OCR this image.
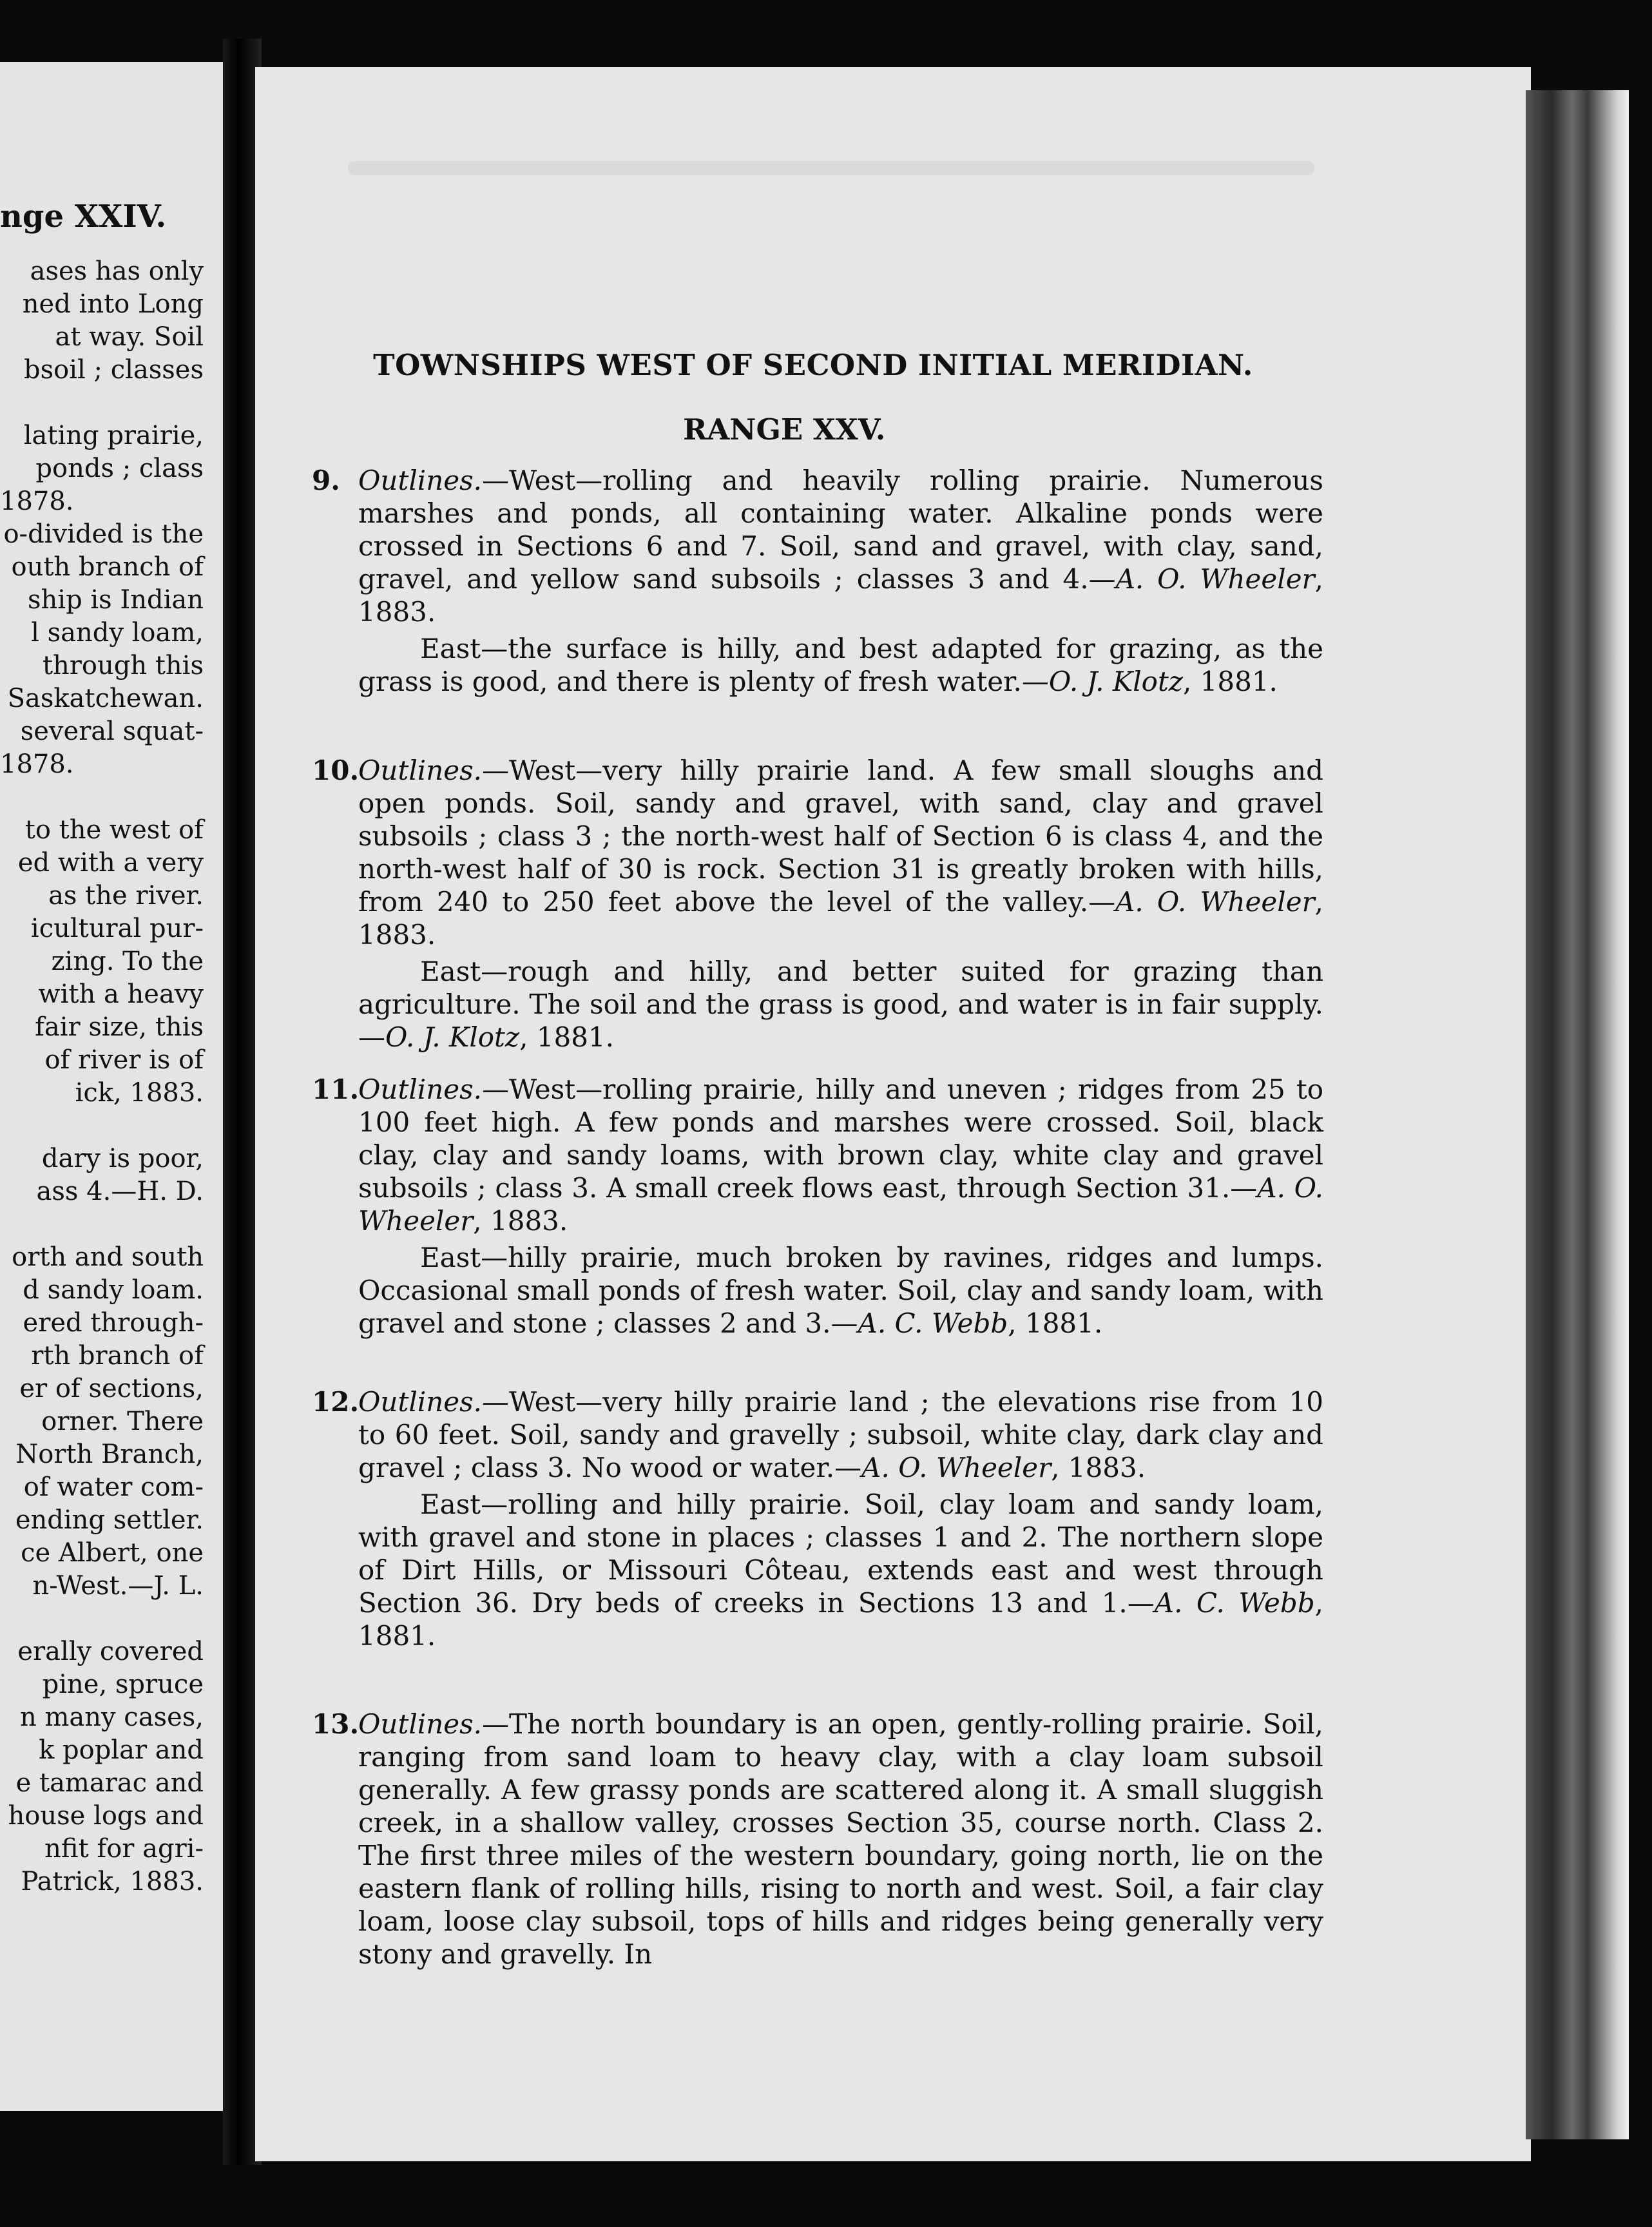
nge XXIV.
ases has only
ned into Long
at way. Soil
bsoil ; classes
lating prairie,
ponds ; class
1878.
o-divided is the
outh branch of
ship is Indian
l sandy loam,
through this
Saskatchewan.
several squat-
1878.
to the west of
ed with a very
as the river.
icultural pur-
zing. To the
with a heavy
fair size, this
of river is of
ick, 1883.
dary is poor,
ass 4.—H. D.
orth and south
d sandy loam.
ered through-
rth branch of
er of sections,
orner. There
North Branch,
of water com-
ending settler.
ce Albert, one
n-West.—J. L.
erally covered
pine, spruce
n many cases,
k poplar and
e tamarac and
house logs and
nfit for agri-
Patrick, 1883.
TOWNSHIPS WEST OF SECOND INITIAL MERIDIAN.
RANGE XXV.
9. Outlines.—West—rolling and heavily rolling prairie. Numerous marshes and ponds, all containing water. Alkaline ponds were crossed in Sections 6 and 7. Soil, sand and gravel, with clay, sand, gravel, and yellow sand subsoils ; classes 3 and 4.—A. O. Wheeler, 1883.
East—the surface is hilly, and best adapted for grazing, as the grass is good, and there is plenty of fresh water.—O. J. Klotz, 1881.
10.
Outlines.—West—very hilly prairie land. A few small sloughs and open ponds. Soil, sandy and gravel, with sand, clay and gravel subsoils ; class 3 ; the north-west half of Section 6 is class 4, and the north-west half of 30 is rock. Section 31 is greatly broken with hills, from 240 to 250 feet above the level of the valley.—A. O. Wheeler, 1883.
East—rough and hilly, and better suited for grazing than agriculture. The soil and the grass is good, and water is in fair supply.—O. J. Klotz, 1881.
11.
Outlines.—West—rolling prairie, hilly and uneven ; ridges from 25 to 100 feet high. A few ponds and marshes were crossed. Soil, black clay, clay and sandy loams, with brown clay, white clay and gravel subsoils ; class 3. A small creek flows east, through Section 31.—A. O. Wheeler, 1883.
East—hilly prairie, much broken by ravines, ridges and lumps. Occasional small ponds of fresh water. Soil, clay and sandy loam, with gravel and stone ; classes 2 and 3.—A. C. Webb, 1881.
12.
Outlines.—West—very hilly prairie land ; the elevations rise from 10 to 60 feet. Soil, sandy and gravelly ; subsoil, white clay, dark clay and gravel ; class 3. No wood or water.—A. O. Wheeler, 1883.
East—rolling and hilly prairie. Soil, clay loam and sandy loam, with gravel and stone in places ; classes 1 and 2. The northern slope of Dirt Hills, or Missouri Côteau, extends east and west through Section 36. Dry beds of creeks in Sections 13 and 1.—A. C. Webb, 1881.
13.
Outlines.—The north boundary is an open, gently-rolling prairie. Soil, ranging from sand loam to heavy clay, with a clay loam subsoil generally. A few grassy ponds are scattered along it. A small sluggish creek, in a shallow valley, crosses Section 35, course north. Class 2. The first three miles of the western boundary, going north, lie on the eastern flank of rolling hills, rising to north and west. Soil, a fair clay loam, loose clay subsoil, tops of hills and ridges being generally very stony and gravelly. In
